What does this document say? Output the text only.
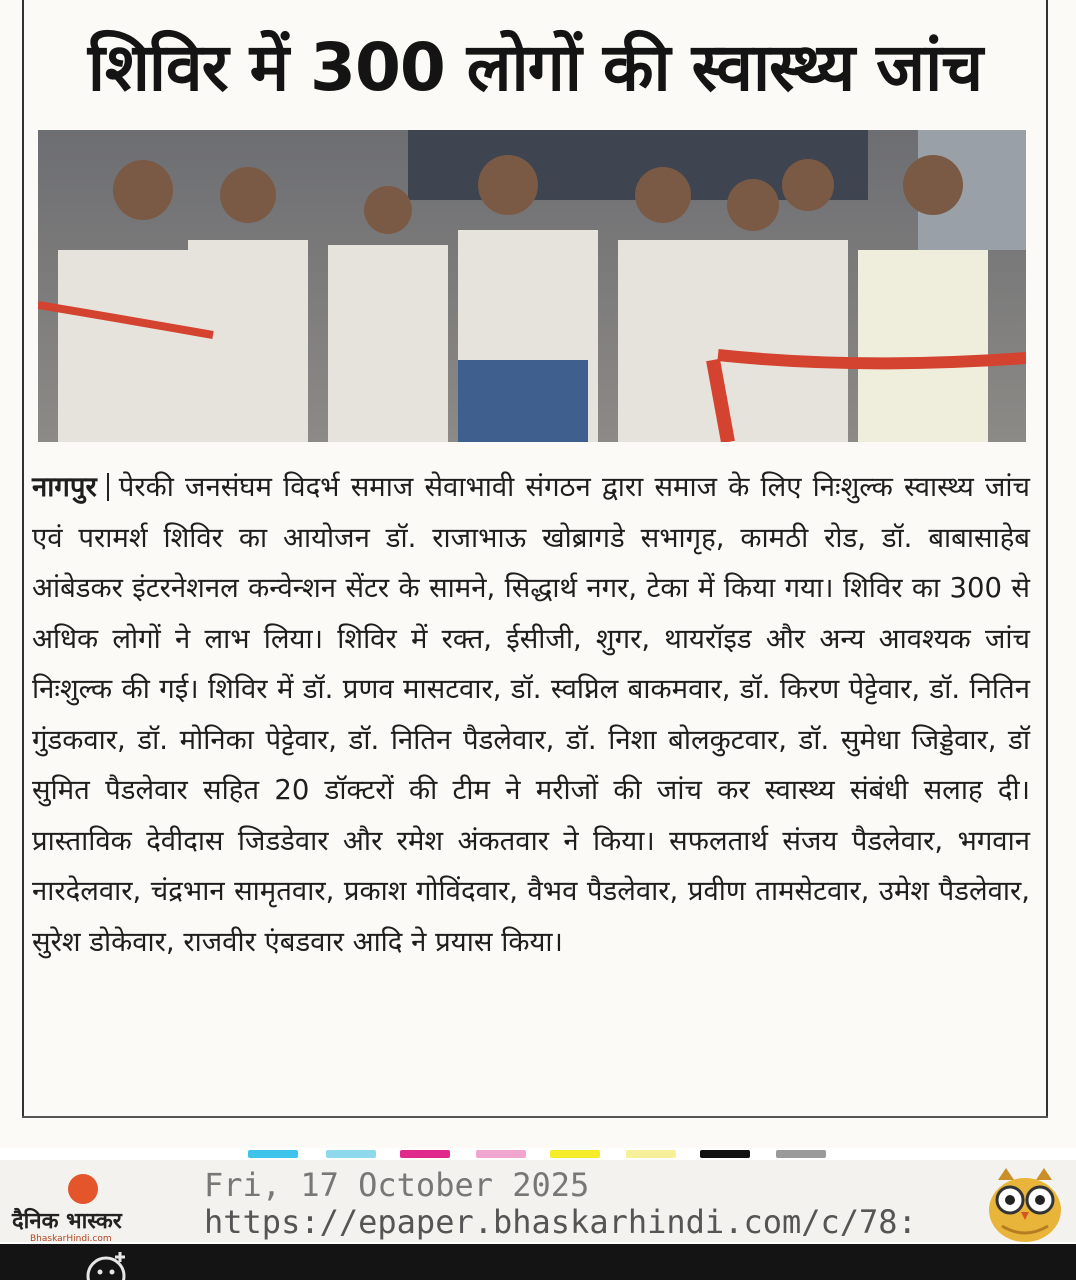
शिविर में 300 लोगों की स्वास्थ्य जांच
नागपुर पेरकी जनसंघम विदर्भ समाज सेवाभावी संगठन द्वारा समाज के लिए निःशुल्क स्वास्थ्य जांच एवं परामर्श शिविर का आयोजन डॉ. राजाभाऊ खोब्रागडे सभागृह, कामठी रोड, डॉ. बाबासाहेब आंबेडकर इंटरनेशनल कन्वेन्शन सेंटर के सामने, सिद्धार्थ नगर, टेका में किया गया। शिविर का 300 से अधिक लोगों ने लाभ लिया। शिविर में रक्त, ईसीजी, शुगर, थायरॉइड और अन्य आवश्यक जांच निःशुल्क की गई। शिविर में डॉ. प्रणव मासटवार, डॉ. स्वप्निल बाकमवार, डॉ. किरण पेट्टेवार, डॉ. नितिन गुंडकवार, डॉ. मोनिका पेट्टेवार, डॉ. नितिन पैडलेवार, डॉ. निशा बोलकुटवार, डॉ. सुमेधा जिड्डेवार, डॉ सुमित पैडलेवार सहित 20 डॉक्टरों की टीम ने मरीजों की जांच कर स्वास्थ्य संबंधी सलाह दी। प्रास्ताविक देवीदास जिडडेवार और रमेश अंकतवार ने किया। सफलतार्थ संजय पैडलेवार, भगवान नारदेलवार, चंद्रभान सामृतवार, प्रकाश गोविंदवार, वैभव पैडलेवार, प्रवीण तामसेटवार, उमेश पैडलेवार, सुरेश डोकेवार, राजवीर एंबडवार आदि ने प्रयास किया।
दैनिक भास्कर
BhaskarHindi.com
Fri, 17 October 2025
https://epaper.bhaskarhindi.com/c/78:
